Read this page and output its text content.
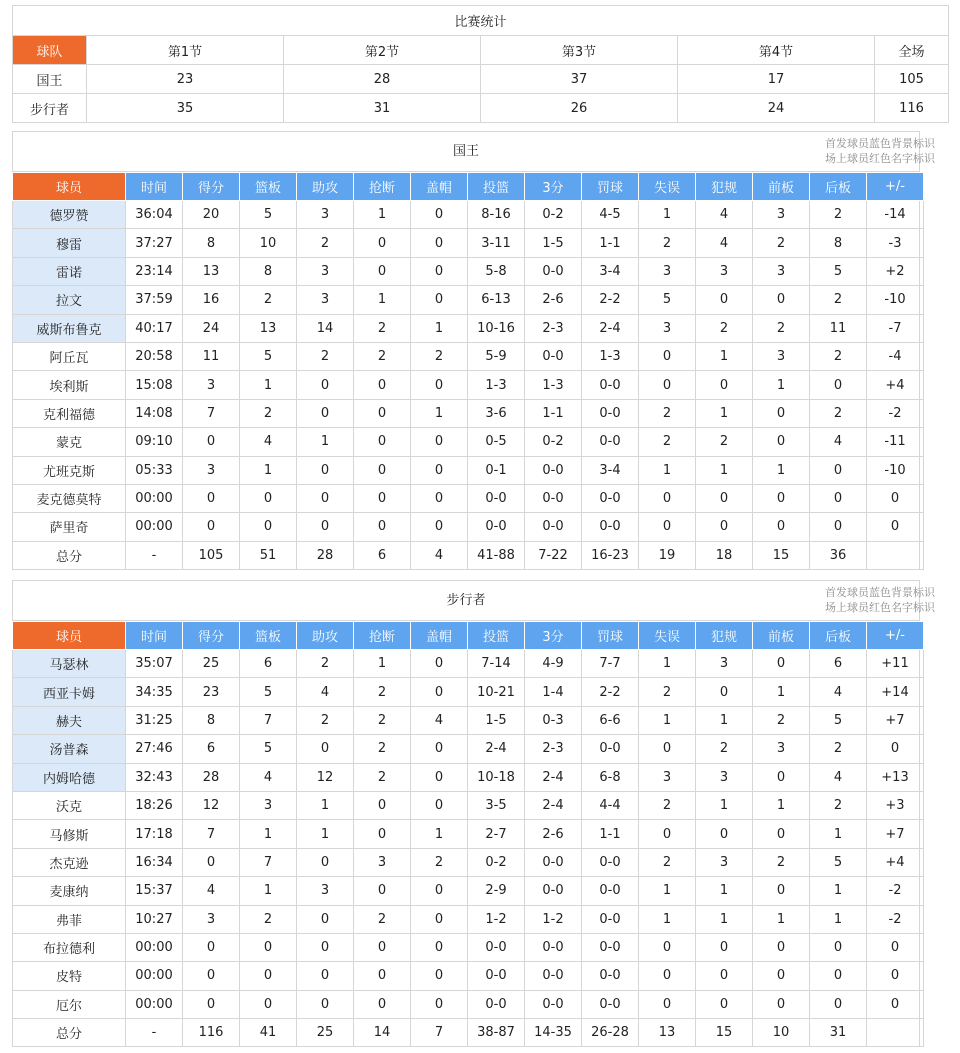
比赛统计					
球队	第1节	第2节	第3节	第4节	全场
国王	23	28	37	17	105
步行者	35	31	26	24	116
国王
首发球员蓝色背景标识
场上球员红色名字标识
球员	时间	得分	篮板	助攻	抢断	盖帽	投篮	3分	罚球	失误	犯规	前板	后板	+/-
德罗赞	36:04	20	5	3	1	0	8-16	0-2	4-5	1	4	3	2	-14
穆雷	37:27	8	10	2	0	0	3-11	1-5	1-1	2	4	2	8	-3
雷诺	23:14	13	8	3	0	0	5-8	0-0	3-4	3	3	3	5	+2
拉文	37:59	16	2	3	1	0	6-13	2-6	2-2	5	0	0	2	-10
威斯布鲁克	40:17	24	13	14	2	1	10-16	2-3	2-4	3	2	2	11	-7
阿丘瓦	20:58	11	5	2	2	2	5-9	0-0	1-3	0	1	3	2	-4
埃利斯	15:08	3	1	0	0	0	1-3	1-3	0-0	0	0	1	0	+4
克利福德	14:08	7	2	0	0	1	3-6	1-1	0-0	2	1	0	2	-2
蒙克	09:10	0	4	1	0	0	0-5	0-2	0-0	2	2	0	4	-11
尤班克斯	05:33	3	1	0	0	0	0-1	0-0	3-4	1	1	1	0	-10
麦克德莫特	00:00	0	0	0	0	0	0-0	0-0	0-0	0	0	0	0	0
萨里奇	00:00	0	0	0	0	0	0-0	0-0	0-0	0	0	0	0	0
总分	-	105	51	28	6	4	41-88	7-22	16-23	19	18	15	36	
步行者
首发球员蓝色背景标识
场上球员红色名字标识
球员	时间	得分	篮板	助攻	抢断	盖帽	投篮	3分	罚球	失误	犯规	前板	后板	+/-
马瑟林	35:07	25	6	2	1	0	7-14	4-9	7-7	1	3	0	6	+11
西亚卡姆	34:35	23	5	4	2	0	10-21	1-4	2-2	2	0	1	4	+14
赫夫	31:25	8	7	2	2	4	1-5	0-3	6-6	1	1	2	5	+7
汤普森	27:46	6	5	0	2	0	2-4	2-3	0-0	0	2	3	2	0
内姆哈德	32:43	28	4	12	2	0	10-18	2-4	6-8	3	3	0	4	+13
沃克	18:26	12	3	1	0	0	3-5	2-4	4-4	2	1	1	2	+3
马修斯	17:18	7	1	1	0	1	2-7	2-6	1-1	0	0	0	1	+7
杰克逊	16:34	0	7	0	3	2	0-2	0-0	0-0	2	3	2	5	+4
麦康纳	15:37	4	1	3	0	0	2-9	0-0	0-0	1	1	0	1	-2
弗菲	10:27	3	2	0	2	0	1-2	1-2	0-0	1	1	1	1	-2
布拉德利	00:00	0	0	0	0	0	0-0	0-0	0-0	0	0	0	0	0
皮特	00:00	0	0	0	0	0	0-0	0-0	0-0	0	0	0	0	0
厄尔	00:00	0	0	0	0	0	0-0	0-0	0-0	0	0	0	0	0
总分	-	116	41	25	14	7	38-87	14-35	26-28	13	15	10	31	
